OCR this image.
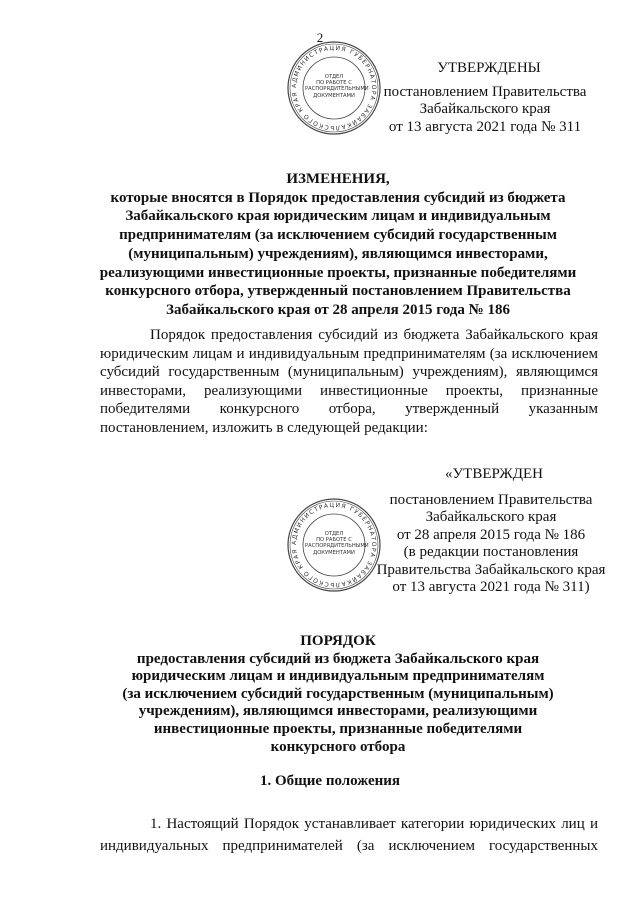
2
АДМИНИСТРАЦИЯ ГУБЕРНАТОРА ЗАБАЙКАЛЬСКОГО КРАЯ
ОТДЕЛ
ПО РАБОТЕ С
РАСПОРЯДИТЕЛЬНЫМИ
ДОКУМЕНТАМИ
УТВЕРЖДЕНЫ
постановлением Правительства
Забайкальского края
от 13 августа 2021 года № 311
ИЗМЕНЕНИЯ,
которые вносятся в Порядок предоставления субсидий из бюджета
Забайкальского края юридическим лицам и индивидуальным
предпринимателям (за исключением субсидий государственным
(муниципальным) учреждениям), являющимся инвесторами,
реализующими инвестиционные проекты, признанные победителями
конкурсного отбора, утвержденный постановлением Правительства
Забайкальского края от 28 апреля 2015 года № 186
Порядок предоставления субсидий из бюджета Забайкальского края
юридическим лицам и индивидуальным предпринимателям (за исключением
субсидий государственным (муниципальным) учреждениям), являющимся
инвесторами, реализующими инвестиционные проекты, признанные
победителями конкурсного отбора, утвержденный указанным
постановлением, изложить в следующей редакции:
АДМИНИСТРАЦИЯ ГУБЕРНАТОРА ЗАБАЙКАЛЬСКОГО КРАЯ
ОТДЕЛ
ПО РАБОТЕ С
РАСПОРЯДИТЕЛЬНЫМИ
ДОКУМЕНТАМИ
«УТВЕРЖДЕН
постановлением Правительства
Забайкальского края
от 28 апреля 2015 года № 186
(в редакции постановления
Правительства Забайкальского края
от 13 августа 2021 года № 311)
ПОРЯДОК
предоставления субсидий из бюджета Забайкальского края
юридическим лицам и индивидуальным предпринимателям
(за исключением субсидий государственным (муниципальным)
учреждениям), являющимся инвесторами, реализующими
инвестиционные проекты, признанные победителями
конкурсного отбора
1. Общие положения
1. Настоящий Порядок устанавливает категории юридических лиц и
индивидуальных предпринимателей (за исключением государственных
